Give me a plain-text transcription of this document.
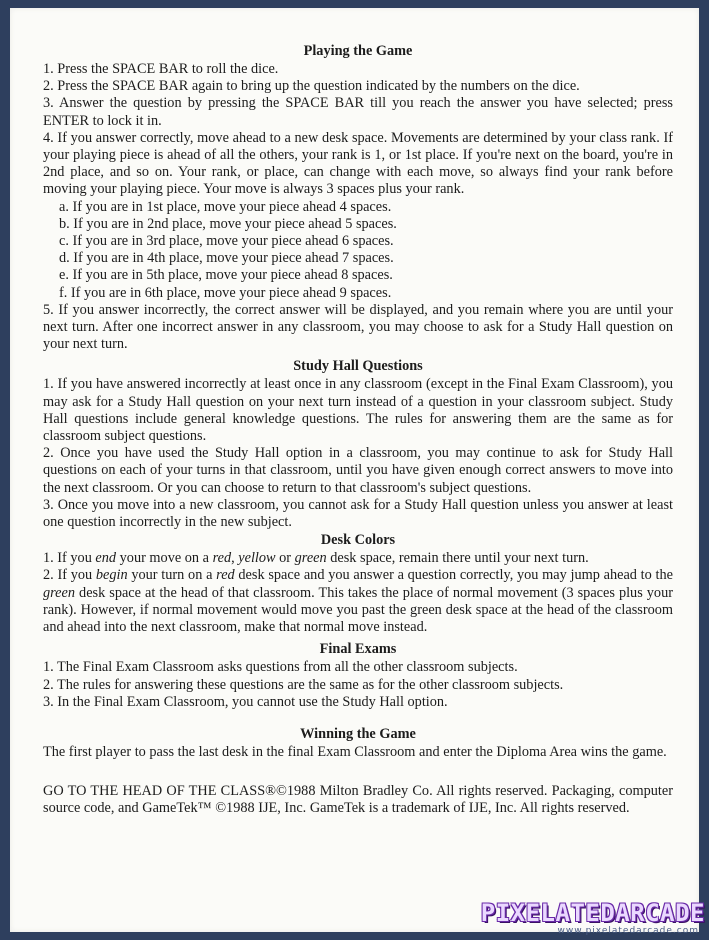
Playing the Game

1. Press the SPACE BAR to roll the dice.

2. Press the SPACE BAR again to bring up the question indicated by the numbers on the dice.

3. Answer the question by pressing the SPACE BAR till you reach the answer you have selected; press ENTER to lock it in.

4. If you answer correctly, move ahead to a new desk space. Movements are determined by your class rank. If your playing piece is ahead of all the others, your rank is 1, or 1st place. If you're next on the board, you're in 2nd place, and so on. Your rank, or place, can change with each move, so always find your rank before moving your playing piece. Your move is always 3 spaces plus your rank.

a. If you are in 1st place, move your piece ahead 4 spaces.

b. If you are in 2nd place, move your piece ahead 5 spaces.

c. If you are in 3rd place, move your piece ahead 6 spaces.

d. If you are in 4th place, move your piece ahead 7 spaces.

e. If you are in 5th place, move your piece ahead 8 spaces.

f. If you are in 6th place, move your piece ahead 9 spaces.

5. If you answer incorrectly, the correct answer will be displayed, and you remain where you are until your next turn. After one incorrect answer in any classroom, you may choose to ask for a Study Hall question on your next turn.

Study Hall Questions

1. If you have answered incorrectly at least once in any classroom (except in the Final Exam Classroom), you may ask for a Study Hall question on your next turn instead of a question in your classroom subject. Study Hall questions include general knowledge questions. The rules for answering them are the same as for classroom subject questions.

2. Once you have used the Study Hall option in a classroom, you may continue to ask for Study Hall questions on each of your turns in that classroom, until you have given enough correct answers to move into the next classroom. Or you can choose to return to that classroom's subject questions.

3. Once you move into a new classroom, you cannot ask for a Study Hall question unless you answer at least one question incorrectly in the new subject.

Desk Colors

1. If you end your move on a red, yellow or green desk space, remain there until your next turn.

2. If you begin your turn on a red desk space and you answer a question correctly, you may jump ahead to the green desk space at the head of that classroom. This takes the place of normal movement (3 spaces plus your rank). However, if normal movement would move you past the green desk space at the head of the classroom and ahead into the next classroom, make that normal move instead.

Final Exams

1. The Final Exam Classroom asks questions from all the other classroom subjects.

2. The rules for answering these questions are the same as for the other classroom subjects.

3. In the Final Exam Classroom, you cannot use the Study Hall option.

Winning the Game

The first player to pass the last desk in the final Exam Classroom and enter the Diploma Area wins the game.

GO TO THE HEAD OF THE CLASS®©1988 Milton Bradley Co. All rights reserved. Packaging, computer source code, and GameTek™ ©1988 IJE, Inc. GameTek is a trademark of IJE, Inc. All rights reserved.

PIXELATEDARCADE
www.pixelatedarcade.com
